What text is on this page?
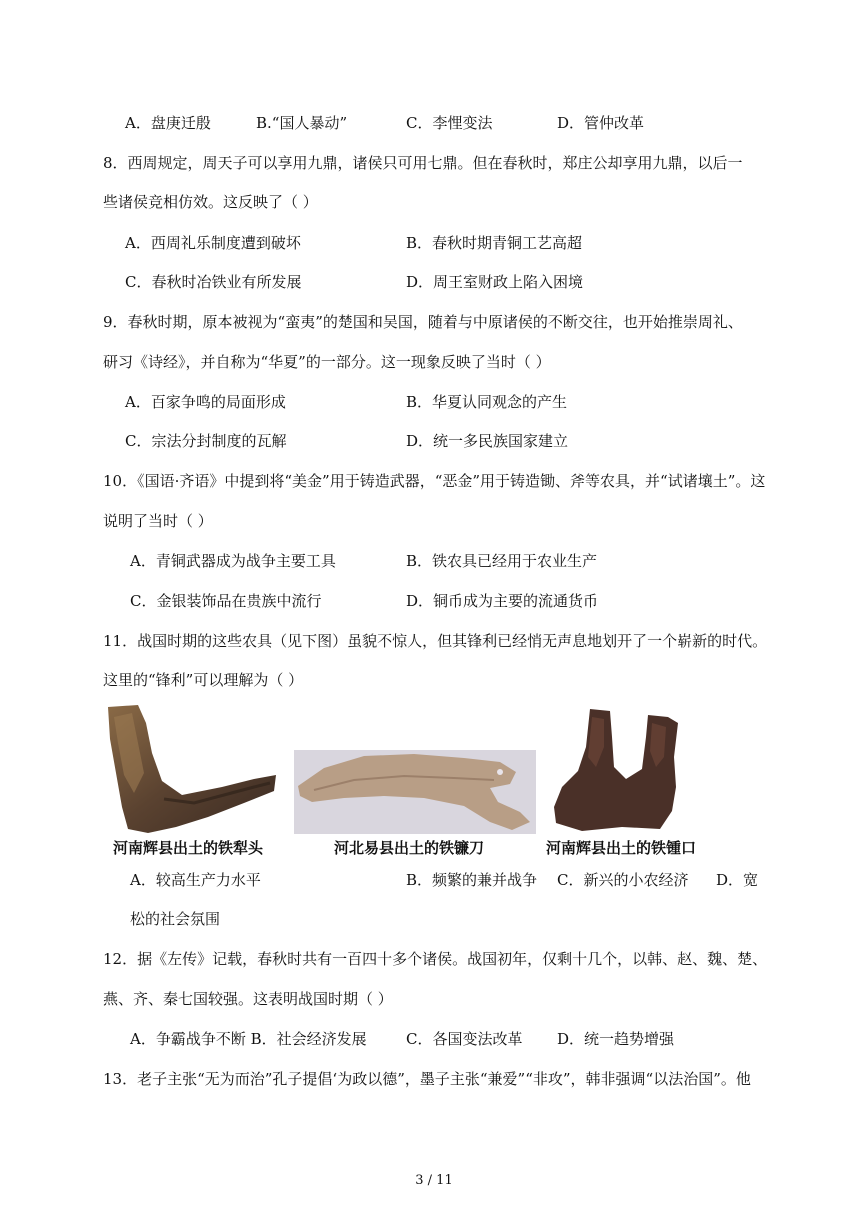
A．盘庚迁殷	B.“国人暴动”	C．李悝变法	D．管仲改革
8．西周规定，周天子可以享用九鼎，诸侯只可用七鼎。但在春秋时，郑庄公却享用九鼎，以后一
些诸侯竞相仿效。这反映了（ ）
A．西周礼乐制度遭到破坏	B．春秋时期青铜工艺高超
C．春秋时冶铁业有所发展	D．周王室财政上陷入困境
9．春秋时期，原本被视为“蛮夷”的楚国和吴国，随着与中原诸侯的不断交往，也开始推崇周礼、
研习《诗经》，并自称为“华夏”的一部分。这一现象反映了当时（ ）
A．百家争鸣的局面形成	B．华夏认同观念的产生
C．宗法分封制度的瓦解	D．统一多民族国家建立
10．《国语·齐语》中提到将“美金”用于铸造武器，“恶金”用于铸造锄、斧等农具，并“试诸壤土”。这
说明了当时（ ）
A．青铜武器成为战争主要工具	B．铁农具已经用于农业生产
C．金银装饰品在贵族中流行	D．铜币成为主要的流通货币
11．战国时期的这些农具（见下图）虽貌不惊人，但其锋利已经悄无声息地划开了一个崭新的时代。
这里的“锋利”可以理解为（ ）
河南辉县出土的铁犁头	河北易县出土的铁镰刀	河南辉县出土的铁锺口
A．较高生产力水平	B．频繁的兼并战争 C．新兴的小农经济 D．宽
松的社会氛围
12．据《左传》记载，春秋时共有一百四十多个诸侯。战国初年，仅剩十几个，以韩、赵、魏、楚、
燕、齐、秦七国较强。这表明战国时期（ ）
A．争霸战争不断 B．社会经济发展	C．各国变法改革 D．统一趋势增强
13．老子主张“无为而治”孔子提倡‘为政以德”，墨子主张“兼爱”“非攻”，韩非强调“以法治国”。他
3 / 11
